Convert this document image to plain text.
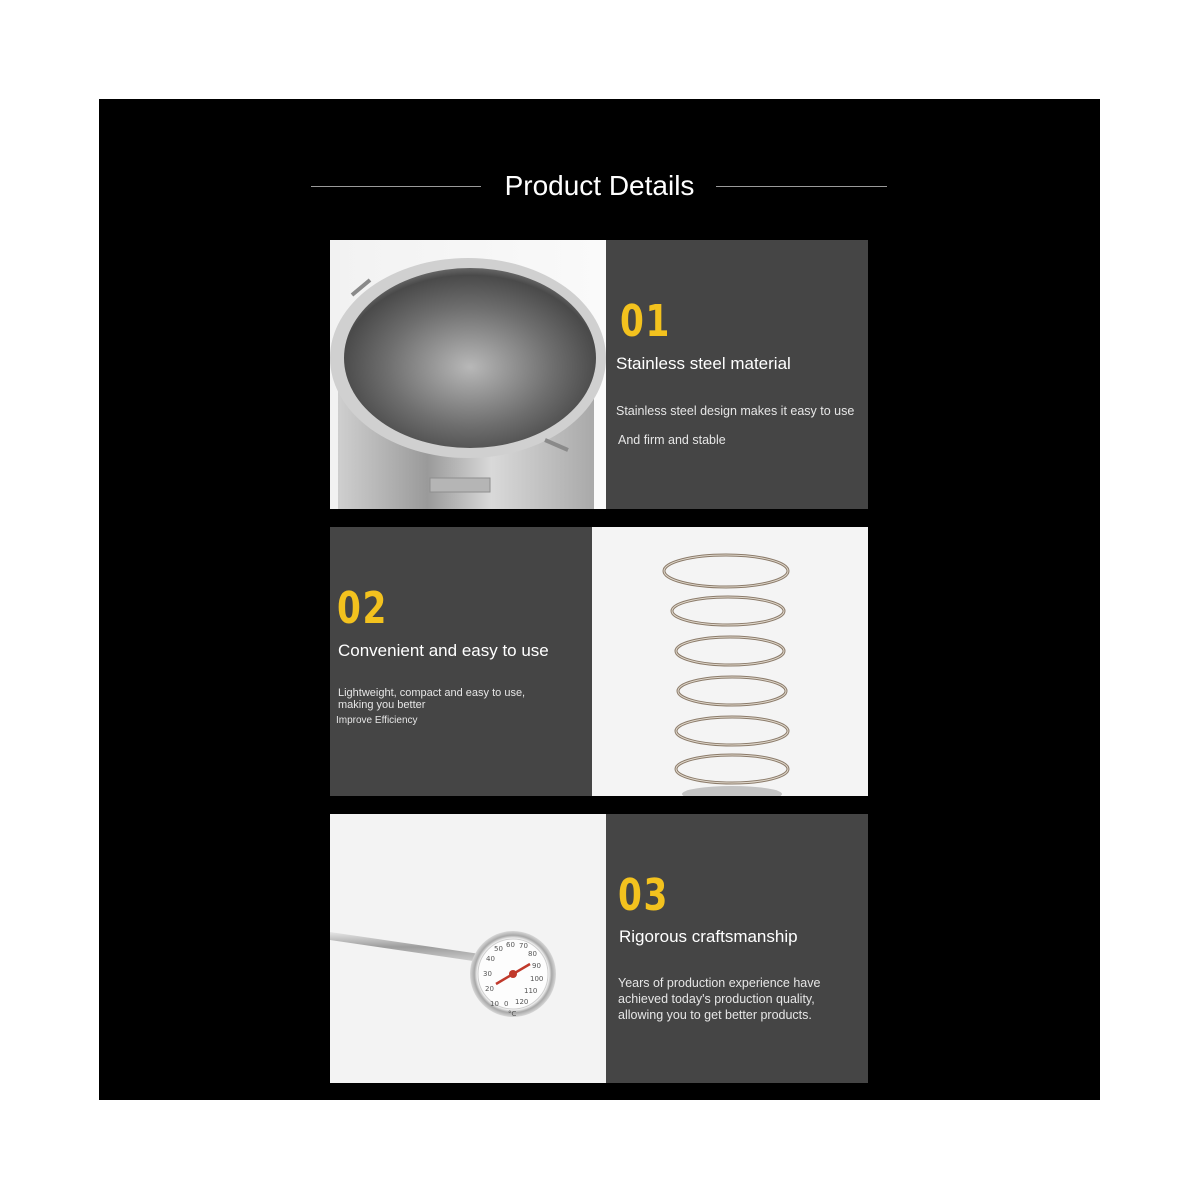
Product Details
01
Stainless steel material
Stainless steel design makes it easy to use
And firm and stable
02
Convenient and easy to use
Lightweight, compact and easy to use,
making you better
Improve Efficiency
10
20
30
40
50 60 70
80
90
100
110
120
0
°C
03
Rigorous craftsmanship
Years of production experience have
achieved today's production quality,
allowing you to get better products.
